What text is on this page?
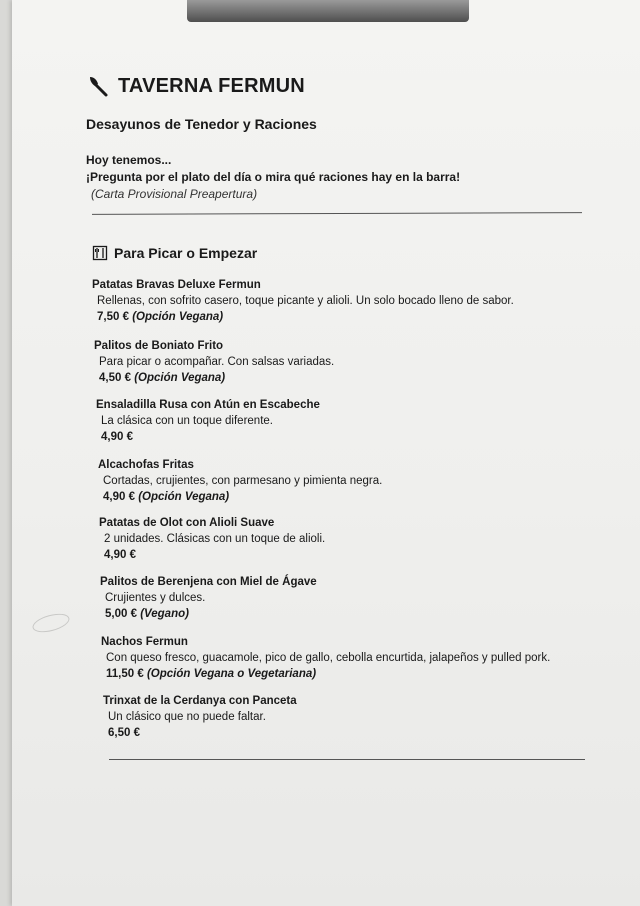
TAVERNA FERMUN
Desayunos de Tenedor y Raciones
Hoy tenemos...
¡Pregunta por el plato del día o mira qué raciones hay en la barra!
(Carta Provisional Preapertura)
Para Picar o Empezar
Patatas Bravas Deluxe Fermun
Rellenas, con sofrito casero, toque picante y alioli. Un solo bocado lleno de sabor.
7,50 € (Opción Vegana)
Palitos de Boniato Frito
Para picar o acompañar. Con salsas variadas.
4,50 € (Opción Vegana)
Ensaladilla Rusa con Atún en Escabeche
La clásica con un toque diferente.
4,90 €
Alcachofas Fritas
Cortadas, crujientes, con parmesano y pimienta negra.
4,90 € (Opción Vegana)
Patatas de Olot con Alioli Suave
2 unidades. Clásicas con un toque de alioli.
4,90 €
Palitos de Berenjena con Miel de Ágave
Crujientes y dulces.
5,00 € (Vegano)
Nachos Fermun
Con queso fresco, guacamole, pico de gallo, cebolla encurtida, jalapeños y pulled pork.
11,50 € (Opción Vegana o Vegetariana)
Trinxat de la Cerdanya con Panceta
Un clásico que no puede faltar.
6,50 €
